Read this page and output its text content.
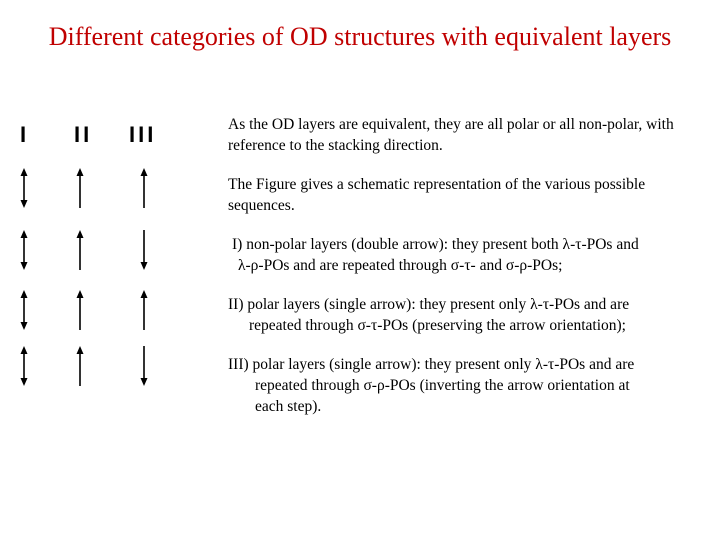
Different categories of OD structures with equivalent layers
I II III	As the OD layers are equivalent, they are all polar or all non-polar, with reference to the stacking direction.
The Figure gives a schematic representation of the various possible sequences.
I) non-polar layers (double arrow): they present both λ-τ-POs and
λ-ρ-POs and are repeated through σ-τ- and σ-ρ-POs;
II) polar layers (single arrow): they present only λ-τ-POs and are
repeated through σ-τ-POs (preserving the arrow orientation);
III) polar layers (single arrow): they present only λ-τ-POs and are
repeated through σ-ρ-POs (inverting the arrow orientation at
each step).
